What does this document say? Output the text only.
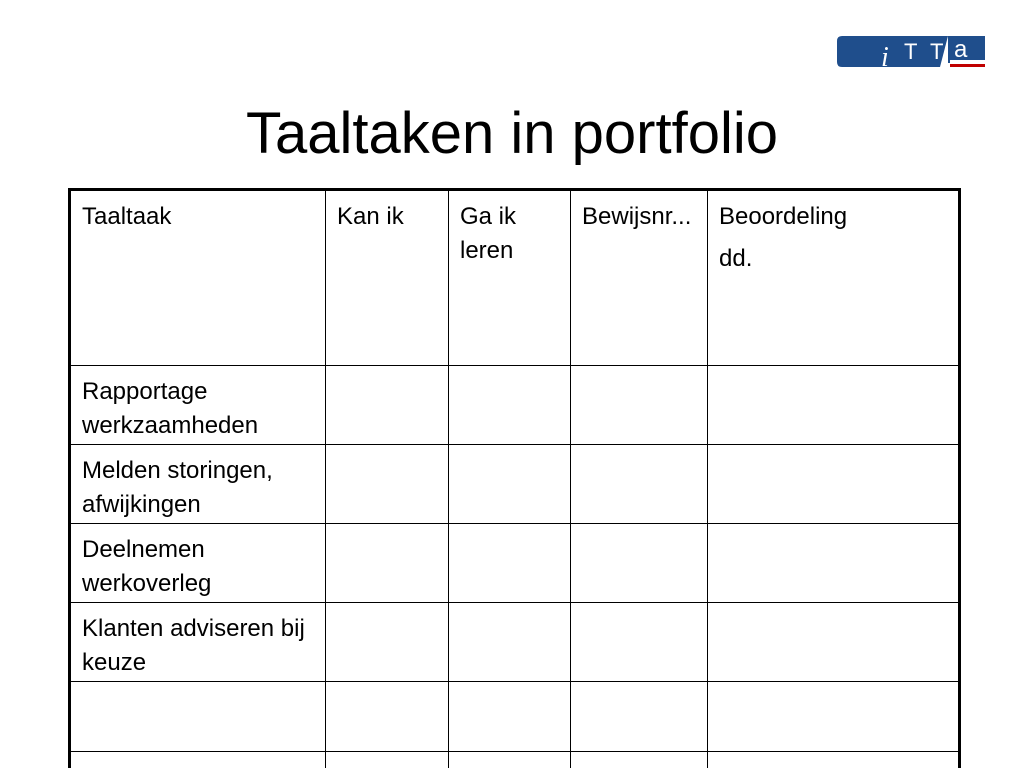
i T T a
Taaltaken in portfolio
Taaltaak	Kan ik	Ga ik leren	Bewijsnr...	Beoordeling
dd.

Rapportage werkzaamheden				
Melden storingen, afwijkingen				
Deelnemen werkoverleg				
Klanten adviseren bij keuze				
